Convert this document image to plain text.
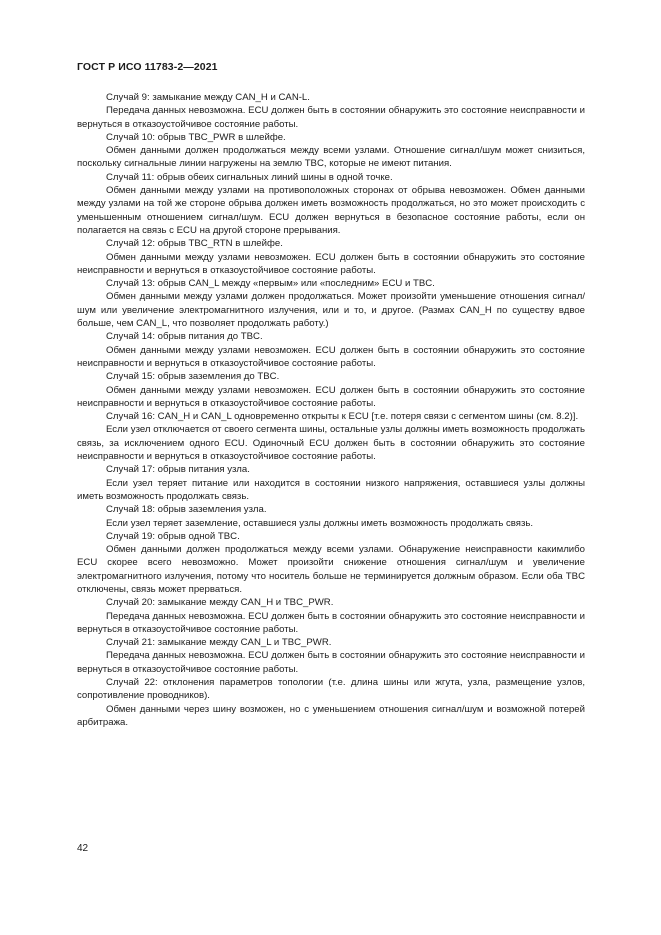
ГОСТ Р ИСО 11783-2—2021

Случай 9: замыкание между CAN_H и CAN-L.

Передача данных невозможна. ECU должен быть в состоянии обнаружить это состояние неисправности и вернуться в отказоустойчивое состояние работы.

Случай 10: обрыв TBC_PWR в шлейфе.

Обмен данными должен продолжаться между всеми узлами. Отношение сигнал/шум может снизиться, поскольку сигнальные линии нагружены на землю TBC, которые не имеют питания.

Случай 11: обрыв обеих сигнальных линий шины в одной точке.

Обмен данными между узлами на противоположных сторонах от обрыва невозможен. Обмен данными между узлами на той же стороне обрыва должен иметь возможность продолжаться, но это может происходить с уменьшенным отношением сигнал/шум. ECU должен вернуться в безопасное состояние работы, если он полагается на связь с ECU на другой стороне прерывания.

Случай 12: обрыв TBC_RTN в шлейфе.

Обмен данными между узлами невозможен. ECU должен быть в состоянии обнаружить это состояние неисправности и вернуться в отказоустойчивое состояние работы.

Случай 13: обрыв CAN_L между «первым» или «последним» ECU и TBC.

Обмен данными между узлами должен продолжаться. Может произойти уменьшение отношения сигнал/шум или увеличение электромагнитного излучения, или и то, и другое. (Размах CAN_H по существу вдвое больше, чем CAN_L, что позволяет продолжать работу.)

Случай 14: обрыв питания до TBC.

Обмен данными между узлами невозможен. ECU должен быть в состоянии обнаружить это состояние неисправности и вернуться в отказоустойчивое состояние работы.

Случай 15: обрыв заземления до TBC.

Обмен данными между узлами невозможен. ECU должен быть в состоянии обнаружить это состояние неисправности и вернуться в отказоустойчивое состояние работы.

Случай 16: CAN_H и CAN_L одновременно открыты к ECU [т.е. потеря связи с сегментом шины (см. 8.2)].

Если узел отключается от своего сегмента шины, остальные узлы должны иметь возможность продолжать связь, за исключением одного ECU. Одиночный ECU должен быть в состоянии обнаружить это состояние неисправности и вернуться в отказоустойчивое состояние работы.

Случай 17: обрыв питания узла.

Если узел теряет питание или находится в состоянии низкого напряжения, оставшиеся узлы должны иметь возможность продолжать связь.

Случай 18: обрыв заземления узла.

Если узел теряет заземление, оставшиеся узлы должны иметь возможность продолжать связь.

Случай 19: обрыв одной TBC.

Обмен данными должен продолжаться между всеми узлами. Обнаружение неисправности какимлибо ECU скорее всего невозможно. Может произойти снижение отношения сигнал/шум и увеличение электромагнитного излучения, потому что носитель больше не терминируется должным образом. Если оба TBC отключены, связь может прерваться.

Случай 20: замыкание между CAN_H и TBC_PWR.

Передача данных невозможна. ECU должен быть в состоянии обнаружить это состояние неисправности и вернуться в отказоустойчивое состояние работы.

Случай 21: замыкание между CAN_L и TBC_PWR.

Передача данных невозможна. ECU должен быть в состоянии обнаружить это состояние неисправности и вернуться в отказоустойчивое состояние работы.

Случай 22: отклонения параметров топологии (т.е. длина шины или жгута, узла, размещение узлов, сопротивление проводников).

Обмен данными через шину возможен, но с уменьшением отношения сигнал/шум и возможной потерей арбитража.

42
